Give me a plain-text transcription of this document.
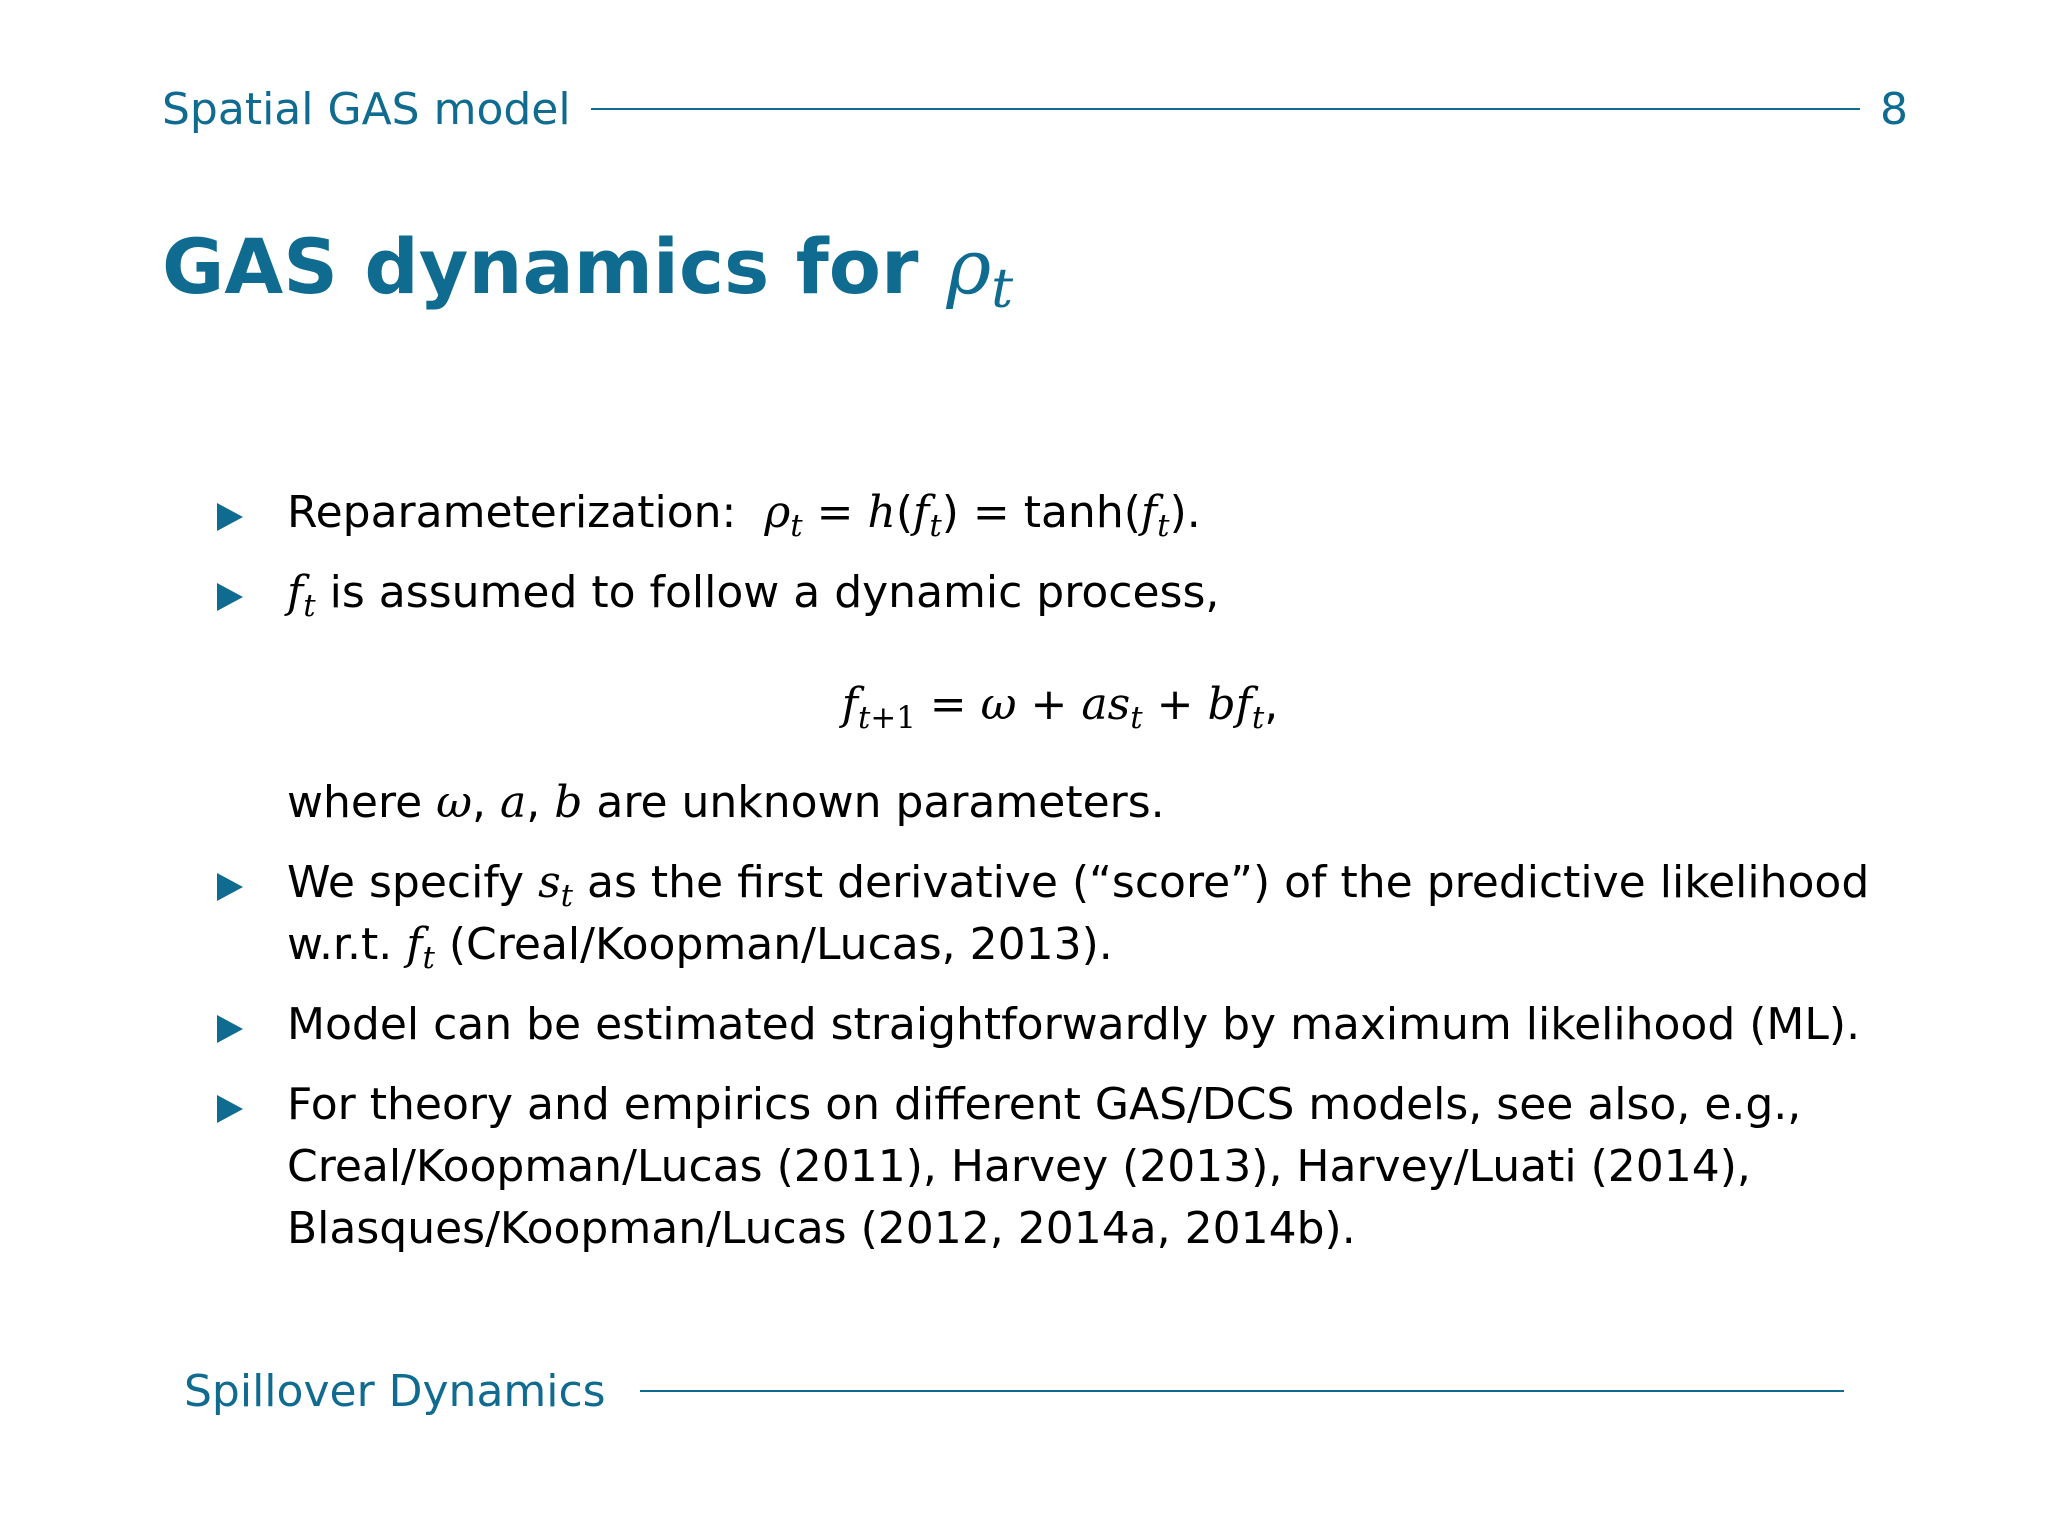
Spatial GAS model	8
GAS dynamics for $\rho_t$
Reparameterization: $\rho_t = h(f_t) = \tanh(f_t)$.
$f_t$ is assumed to follow a dynamic process,
$f_{t+1} = \omega + as_t + bf_t$,
where ω, a, b are unknown parameters.
We specify $s_t$ as the first derivative (“score”) of the predictive likelihood w.r.t. $f_t$ (Creal/Koopman/Lucas, 2013).
Model can be estimated straightforwardly by maximum likelihood (ML).
For theory and empirics on different GAS/DCS models, see also, e.g., Creal/Koopman/Lucas (2011), Harvey (2013), Harvey/Luati (2014), Blasques/Koopman/Lucas (2012, 2014a, 2014b).
Spillover Dynamics
